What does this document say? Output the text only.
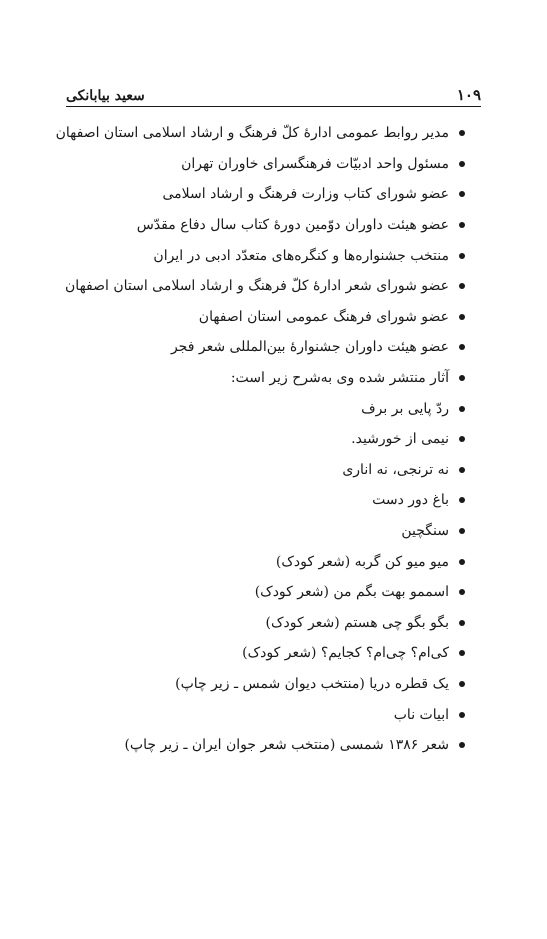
۱۰۹
سعید بیابانکی
مدیر روابط عمومی ادارهٔ کلّ فرهنگ و ارشاد اسلامی استان اصفهان
مسئول واحد ادبیّات فرهنگسرای خاوران تهران
عضو شورای کتاب وزارت فرهنگ و ارشاد اسلامی
عضو هیئت داوران دوّمین دورهٔ کتاب سال دفاع مقدّس
منتخب جشنواره‌ها و کنگره‌های متعدّد ادبی در ایران
عضو شورای شعر ادارهٔ کلّ فرهنگ و ارشاد اسلامی استان اصفهان
عضو شورای فرهنگ عمومی استان اصفهان
عضو هیئت داوران جشنوارهٔ بین‌المللی شعر فجر
آثار منتشر شده وی به‌شرح زیر است:
ردّ پایی بر برف
نیمی از خورشید.
نه ترنجی، نه اناری
باغ دور دست
سنگچین
میو میو کن گربه (شعر کودک)
اسممو بهت بگم من (شعر کودک)
بگو بگو چی هستم (شعر کودک)
کی‌ام؟ چی‌ام؟ کجایم؟ (شعر کودک)
یک قطره دریا (منتخب دیوان شمس ـ زیر چاپ)
ابیات ناب
شعر ۱۳۸۶ شمسی (منتخب شعر جوان ایران ـ زیر چاپ)
